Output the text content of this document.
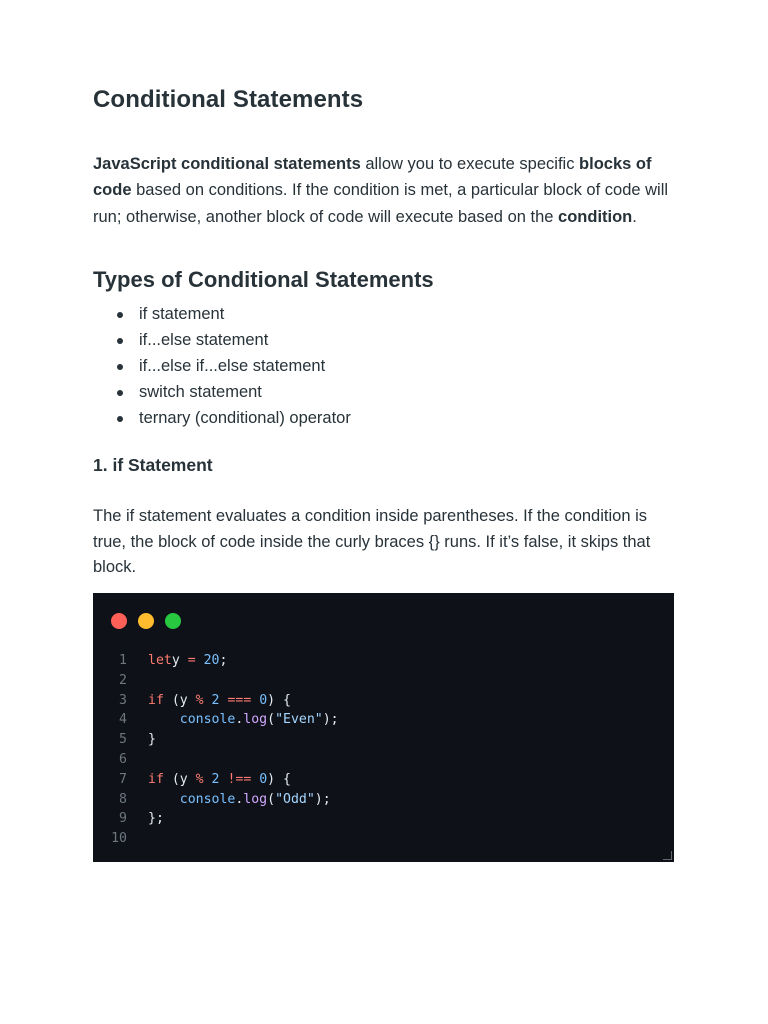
Conditional Statements

JavaScript conditional statements allow you to execute specific blocks of code based on conditions. If the condition is met, a particular block of code will run; otherwise, another block of code will execute based on the condition.

Types of Conditional Statements
if statement
if...else statement
if...else if...else statement
switch statement
ternary (conditional) operator
1. if Statement

The if statement evaluates a condition inside parentheses. If the condition is true, the block of code inside the curly braces {} runs. If it’s false, it skips that block.

1 lety = 20;
2
3 if (y % 2 === 0) {
4	console.log("Even");
5 }
6
7 if (y % 2 !== 0) {
8	console.log("Odd");
9 };
10
